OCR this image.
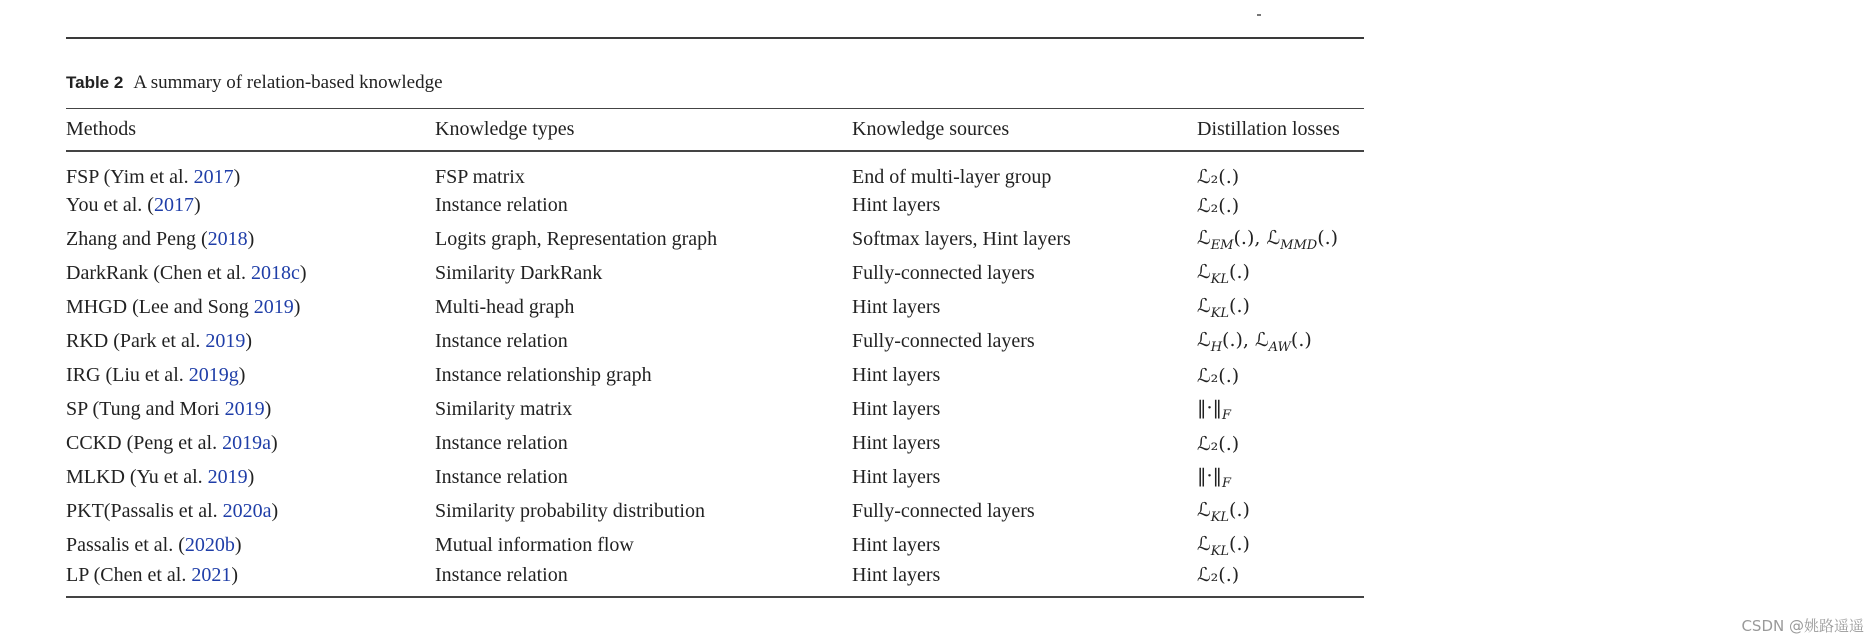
Table 2 A summary of relation-based knowledge
Methods	Knowledge types	Knowledge sources	Distillation losses
FSP (Yim et al. 2017)	FSP matrix	End of multi-layer group	ℒ₂(.)
You et al. (2017)	Instance relation	Hint layers	ℒ₂(.)
Zhang and Peng (2018)	Logits graph, Representation graph	Softmax layers, Hint layers	ℒ$_{EM}$(.), ℒ$_{MMD}$(.)
DarkRank (Chen et al. 2018c)	Similarity DarkRank	Fully-connected layers	ℒ$_{KL}$(.)
MHGD (Lee and Song 2019)	Multi-head graph	Hint layers	ℒ$_{KL}$(.)
RKD (Park et al. 2019)	Instance relation	Fully-connected layers	ℒ$_H$(.), ℒ$_{AW}$(.)
IRG (Liu et al. 2019g)	Instance relationship graph	Hint layers	ℒ₂(.)
SP (Tung and Mori 2019)	Similarity matrix	Hint layers	$‖\cdot‖_F$
CCKD (Peng et al. 2019a)	Instance relation	Hint layers	ℒ₂(.)
MLKD (Yu et al. 2019)	Instance relation	Hint layers	$‖\cdot‖_F$
PKT(Passalis et al. 2020a)	Similarity probability distribution	Fully-connected layers	ℒ$_{KL}$(.)
Passalis et al. (2020b)	Mutual information flow	Hint layers	ℒ$_{KL}$(.)
LP (Chen et al. 2021)	Instance relation	Hint layers	ℒ₂(.)
CSDN @姚路遥遥
